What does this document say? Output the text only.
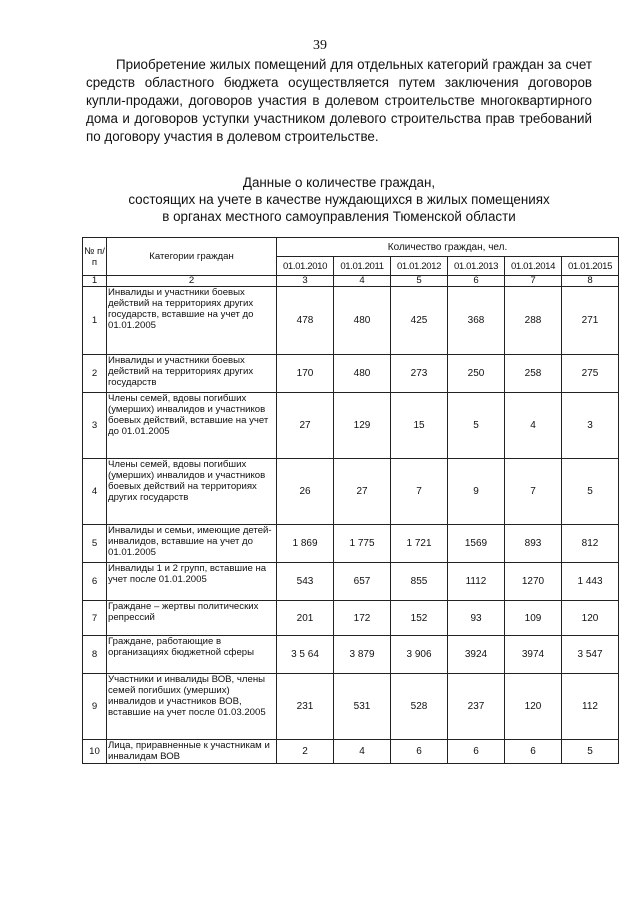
39

Приобретение жилых помещений для отдельных категорий граждан за счет средств областного бюджета осуществляется путем заключения договоров купли-продажи, договоров участия в долевом строительстве многоквартирного дома и договоров уступки участником долевого строительства прав требований по договору участия в долевом строительстве.

Данные о количестве граждан,
состоящих на учете в качестве нуждающихся в жилых помещениях
в органах местного самоуправления Тюменской области
№ п/п	Категории граждан	Количество граждан, чел.					
		01.01.2010	01.01.2011	01.01.2012	01.01.2013	01.01.2014	01.01.2015
1	2	3	4	5	6	7	8
1	Инвалиды и участники боевых действий на территориях других государств, вставшие на учет до 01.01.2005	478	480	425	368	288	271
2	Инвалиды и участники боевых действий на территориях других государств	170	480	273	250	258	275
3	Члены семей, вдовы погибших (умерших) инвалидов и участников боевых действий, вставшие на учет до 01.01.2005	27	129	15	5	4	3
4	Члены семей, вдовы погибших (умерших) инвалидов и участников боевых действий на территориях других государств	26	27	7	9	7	5
5	Инвалиды и семьи, имеющие детей-инвалидов, вставшие на учет до 01.01.2005	1 869	1 775	1 721	1569	893	812
6	Инвалиды 1 и 2 групп, вставшие на учет после 01.01.2005	543	657	855	1112	1270	1 443
7	Граждане – жертвы политических репрессий	201	172	152	93	109	120
8	Граждане, работающие в организациях бюджетной сферы	3 5 64	3 879	3 906	3924	3974	3 547
9	Участники и инвалиды ВОВ, члены семей погибших (умерших) инвалидов и участников ВОВ, вставшие на учет после 01.03.2005	231	531	528	237	120	112
10	Лица, приравненные к участникам и инвалидам ВОВ	2	4	6	6	6	5
